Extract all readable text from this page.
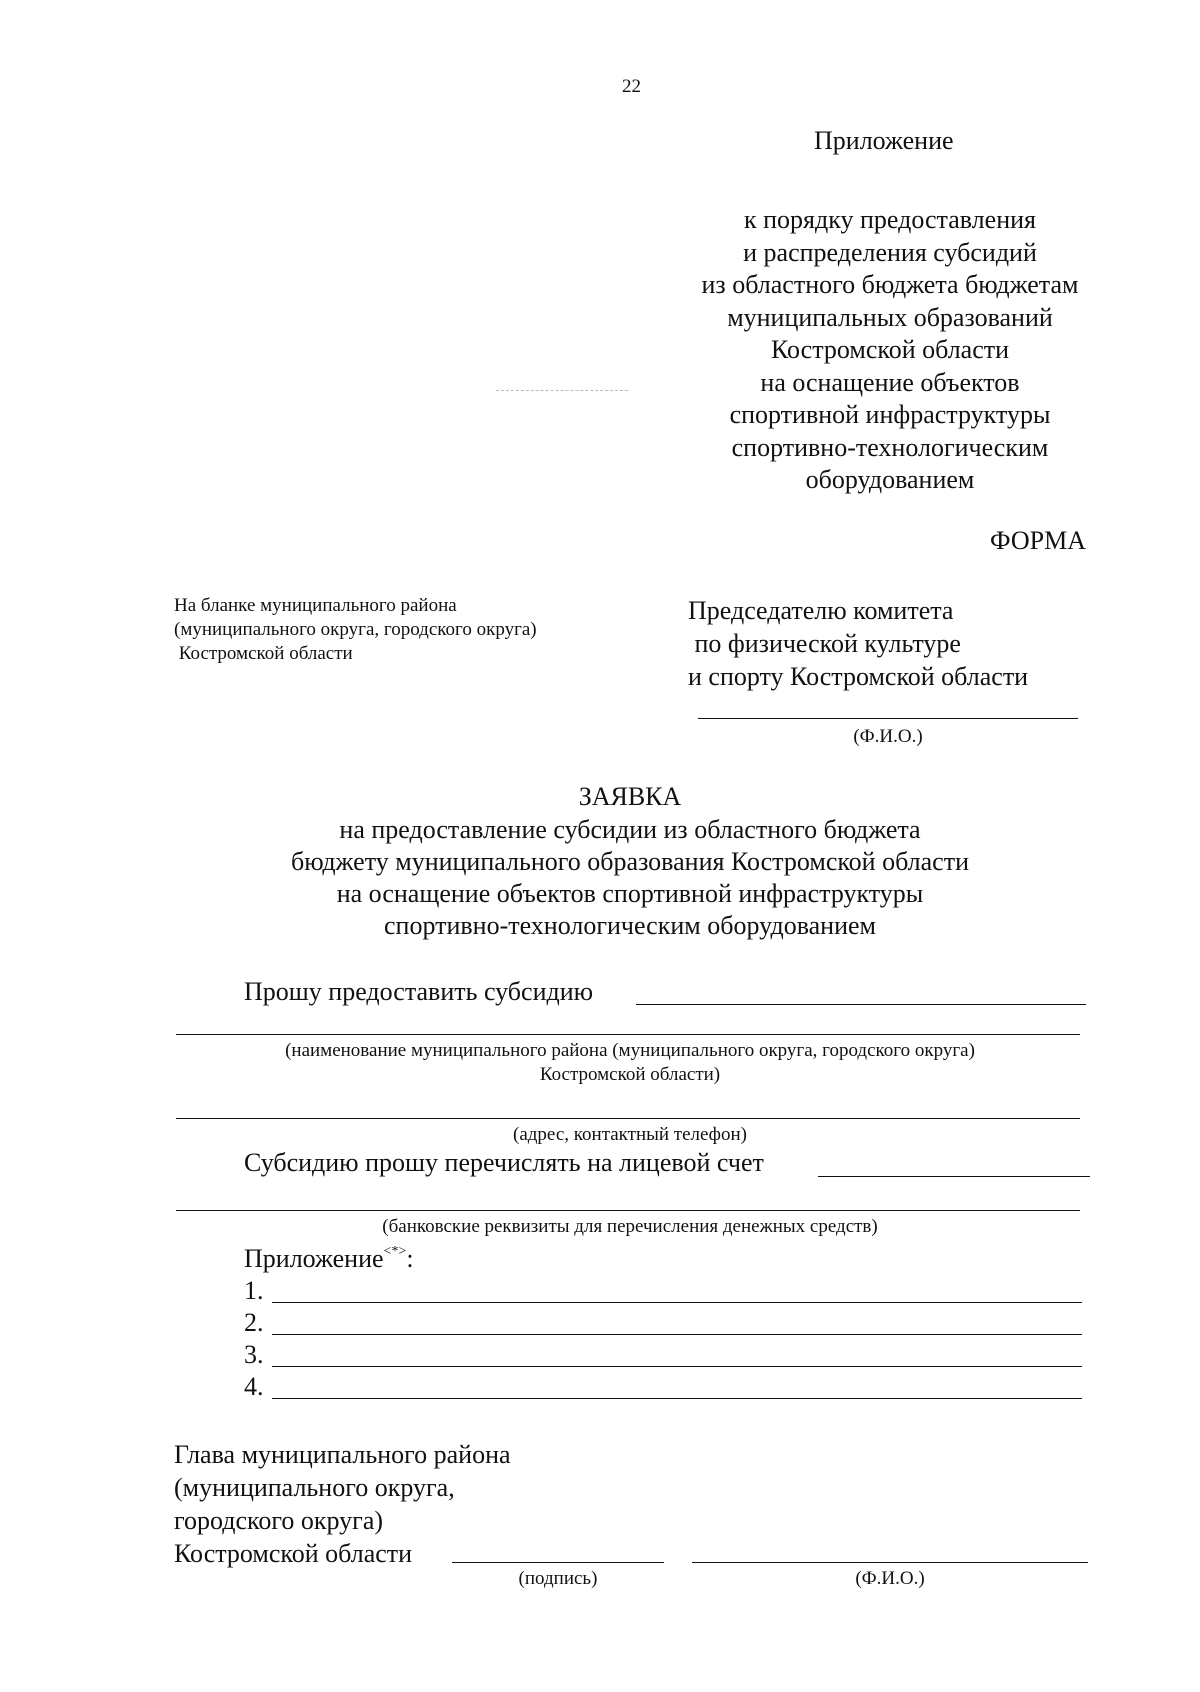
22
Приложение
к порядку предоставления
и распределения субсидий
из областного бюджета бюджетам
муниципальных образований
Костромской области
на оснащение объектов
спортивной инфраструктуры
спортивно-технологическим
оборудованием
ФОРМА
На бланке муниципального района
(муниципального округа, городского округа)
Костромской области
Председателю комитета
по физической культуре
и спорту Костромской области
(Ф.И.О.)
ЗАЯВКА
на предоставление субсидии из областного бюджета
бюджету муниципального образования Костромской области
на оснащение объектов спортивной инфраструктуры
спортивно-технологическим оборудованием
Прошу предоставить субсидию
(наименование муниципального района (муниципального округа, городского округа)
Костромской области)
(адрес, контактный телефон)
Субсидию прошу перечислять на лицевой счет
(банковские реквизиты для перечисления денежных средств)
Приложение<*>:
1.
2.
3.
4.
Глава муниципального района
(муниципального округа,
городского округа)
Костромской области
(подпись)	(Ф.И.О.)
